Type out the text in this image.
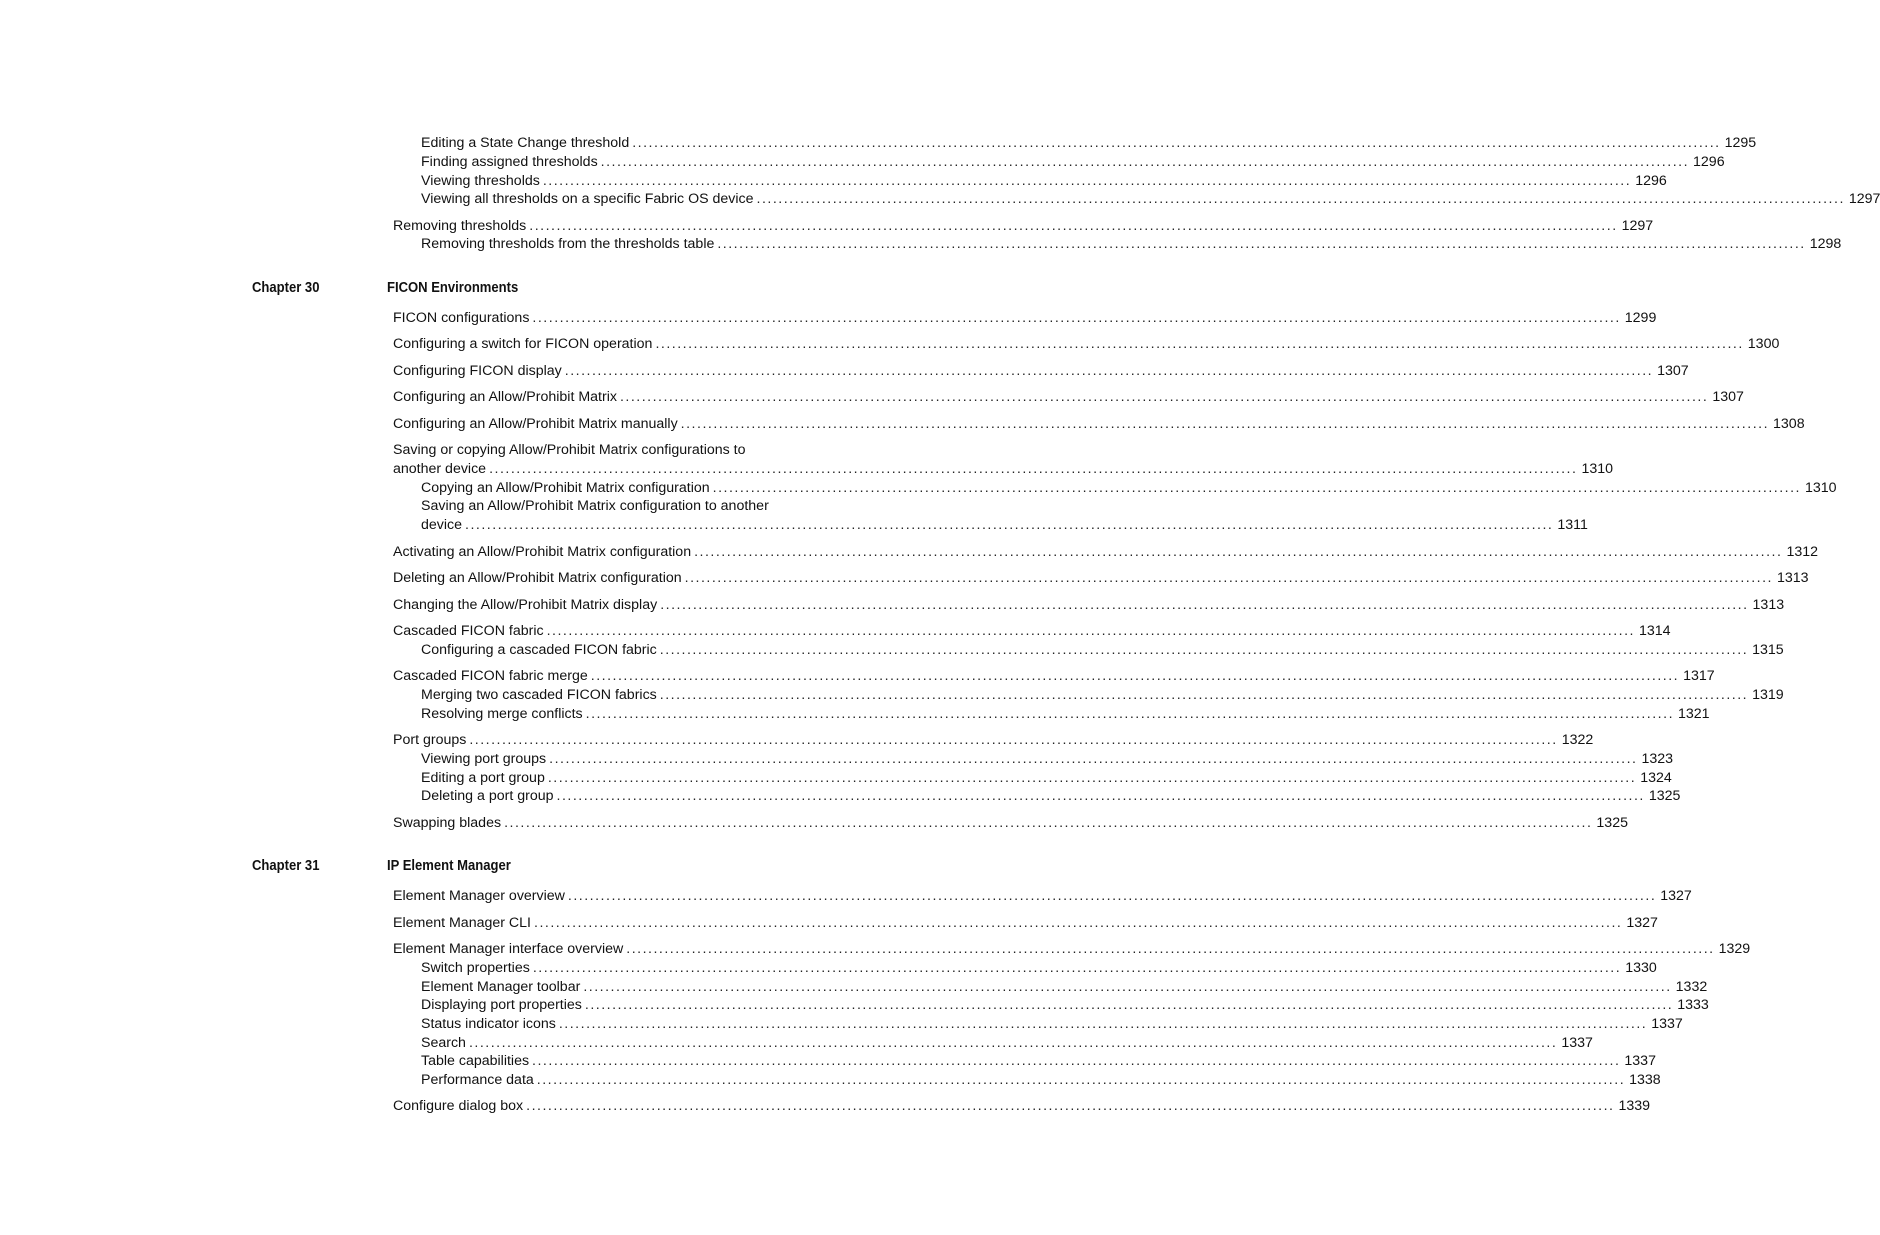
Editing a State Change threshold ........................................................................................................................................................................................................ 1295
Finding assigned thresholds ........................................................................................................................................................................................................ 1296
Viewing thresholds ........................................................................................................................................................................................................ 1296
Viewing all thresholds on a specific Fabric OS device ........................................................................................................................................................................................................ 1297
Removing thresholds ........................................................................................................................................................................................................ 1297
Removing thresholds from the thresholds table ........................................................................................................................................................................................................ 1298
Chapter 30	FICON Environments
FICON configurations ........................................................................................................................................................................................................ 1299
Configuring a switch for FICON operation ........................................................................................................................................................................................................ 1300
Configuring FICON display ........................................................................................................................................................................................................ 1307
Configuring an Allow/Prohibit Matrix ........................................................................................................................................................................................................ 1307
Configuring an Allow/Prohibit Matrix manually ........................................................................................................................................................................................................ 1308
Saving or copying Allow/Prohibit Matrix configurations to
another device ........................................................................................................................................................................................................ 1310
Copying an Allow/Prohibit Matrix configuration ........................................................................................................................................................................................................ 1310
Saving an Allow/Prohibit Matrix configuration to another
device ........................................................................................................................................................................................................ 1311
Activating an Allow/Prohibit Matrix configuration ........................................................................................................................................................................................................ 1312
Deleting an Allow/Prohibit Matrix configuration ........................................................................................................................................................................................................ 1313
Changing the Allow/Prohibit Matrix display ........................................................................................................................................................................................................ 1313
Cascaded FICON fabric ........................................................................................................................................................................................................ 1314
Configuring a cascaded FICON fabric ........................................................................................................................................................................................................ 1315
Cascaded FICON fabric merge ........................................................................................................................................................................................................ 1317
Merging two cascaded FICON fabrics ........................................................................................................................................................................................................ 1319
Resolving merge conflicts ........................................................................................................................................................................................................ 1321
Port groups ........................................................................................................................................................................................................ 1322
Viewing port groups ........................................................................................................................................................................................................ 1323
Editing a port group ........................................................................................................................................................................................................ 1324
Deleting a port group ........................................................................................................................................................................................................ 1325
Swapping blades ........................................................................................................................................................................................................ 1325
Chapter 31	IP Element Manager
Element Manager overview ........................................................................................................................................................................................................ 1327
Element Manager CLI ........................................................................................................................................................................................................ 1327
Element Manager interface overview ........................................................................................................................................................................................................ 1329
Switch properties ........................................................................................................................................................................................................ 1330
Element Manager toolbar ........................................................................................................................................................................................................ 1332
Displaying port properties ........................................................................................................................................................................................................ 1333
Status indicator icons ........................................................................................................................................................................................................ 1337
Search ........................................................................................................................................................................................................ 1337
Table capabilities ........................................................................................................................................................................................................ 1337
Performance data ........................................................................................................................................................................................................ 1338
Configure dialog box ........................................................................................................................................................................................................ 1339
